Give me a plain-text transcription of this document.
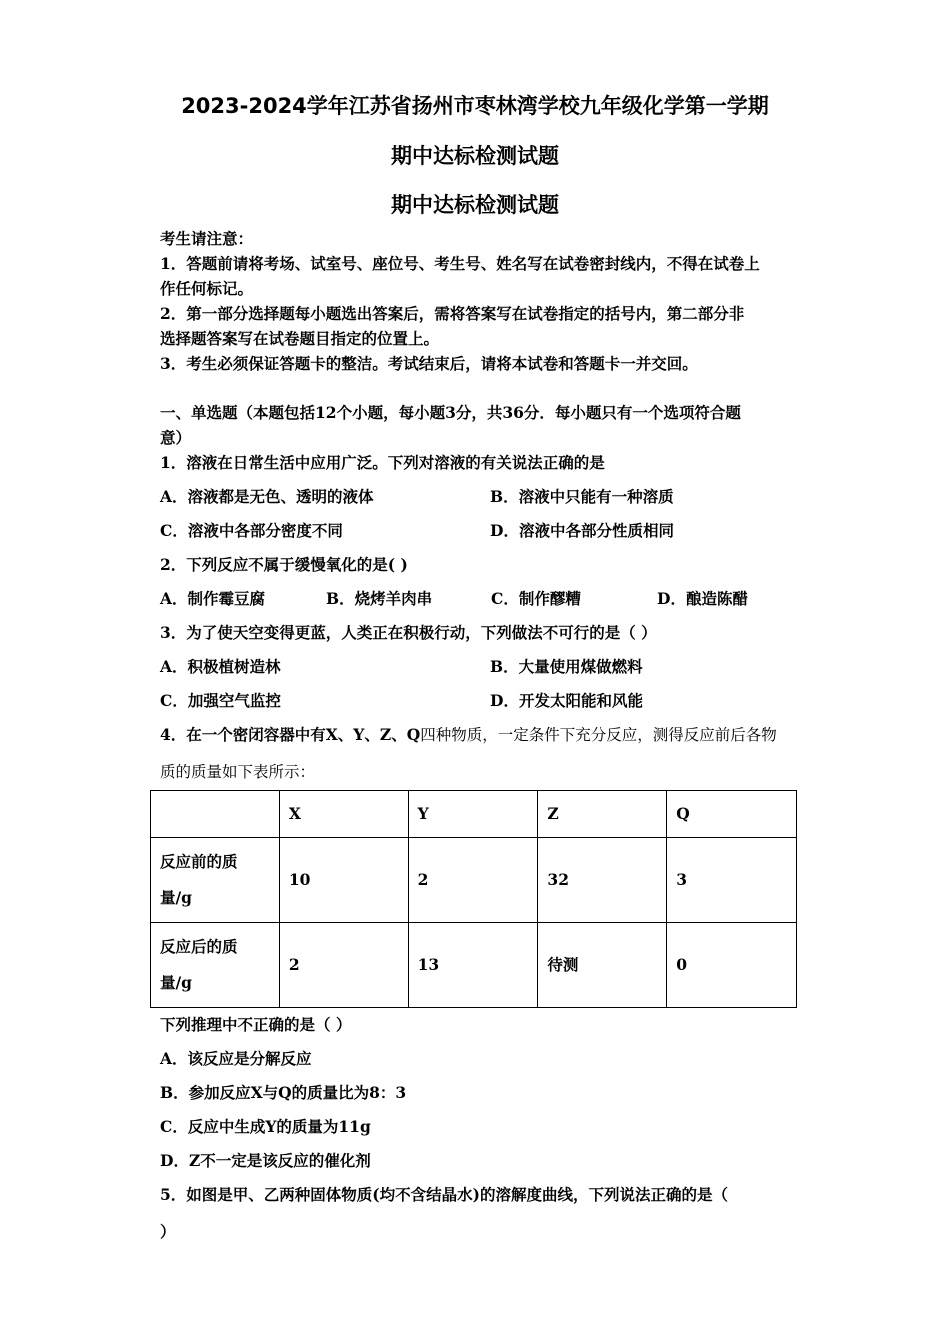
2023-2024学年江苏省扬州市枣林湾学校九年级化学第一学期
期中达标检测试题
期中达标检测试题
考生请注意：
1．答题前请将考场、试室号、座位号、考生号、姓名写在试卷密封线内，不得在试卷上
作任何标记。
2．第一部分选择题每小题选出答案后，需将答案写在试卷指定的括号内，第二部分非
选择题答案写在试卷题目指定的位置上。
3．考生必须保证答题卡的整洁。考试结束后，请将本试卷和答题卡一并交回。
一、单选题（本题包括12个小题，每小题3分，共36分．每小题只有一个选项符合题
意）
1．溶液在日常生活中应用广泛。下列对溶液的有关说法正确的是
A．溶液都是无色、透明的液体	B．溶液中只能有一种溶质
C．溶液中各部分密度不同	D．溶液中各部分性质相同
2．下列反应不属于缓慢氧化的是( )
A．制作霉豆腐	B．烧烤羊肉串	C．制作醪糟	D．酿造陈醋
3．为了使天空变得更蓝，人类正在积极行动，下列做法不可行的是（ ）
A．积极植树造林	B．大量使用煤做燃料
C．加强空气监控	D．开发太阳能和风能
4．在一个密闭容器中有X、Y、Z、Q四种物质，一定条件下充分反应，测得反应前后各物
质的质量如下表所示：
	X	Y	Z	Q
反应前的质
量/g	10	2	32	3
反应后的质
量/g	2	13	待测	0
下列推理中不正确的是（ ）
A．该反应是分解反应
B．参加反应X与Q的质量比为8：3
C．反应中生成Y的质量为11g
D．Z不一定是该反应的催化剂
5．如图是甲、乙两种固体物质(均不含结晶水)的溶解度曲线，下列说法正确的是（
）
